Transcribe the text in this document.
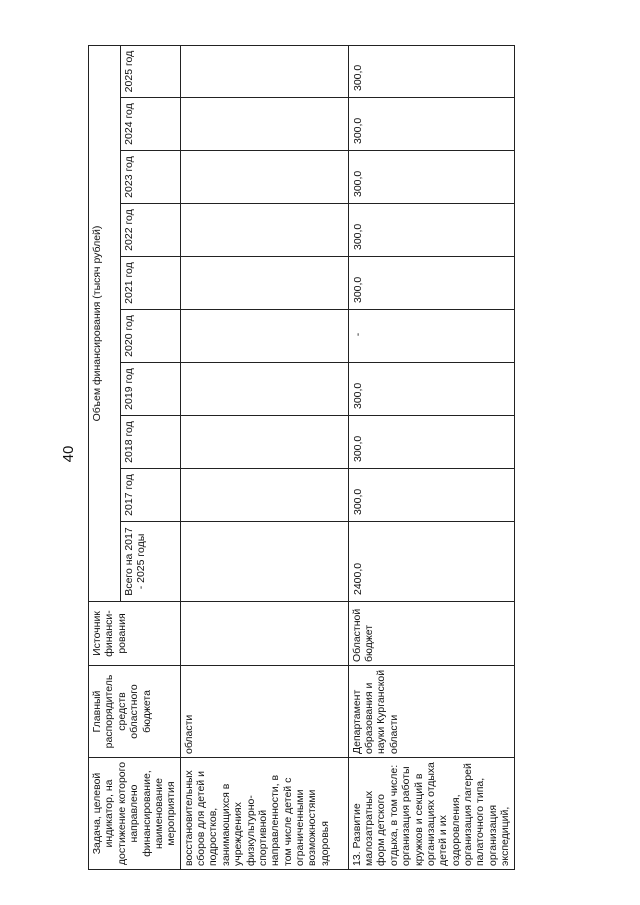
40
Задача, целевой индикатор, на достижение которого направлено финансирование, наименование мероприятия	Главный распорядитель средств областного бюджета	Источник финанси-рования	Объем финансирования (тысяч рублей)									
			Всего на 2017 - 2025 годы	2017 год	2018 год	2019 год	2020 год	2021 год	2022 год	2023 год	2024 год	2025 год
восстановительных сборов для детей и подростков, занимающихся в учреждениях физкультурно-спортивной направленности, в том числе детей с ограниченными возможностями здоровья	области											
13. Развитие малозатратных форм детского отдыха, в том числе: организация работы кружков и секций в организациях отдыха детей и их оздоровления, организация лагерей палаточного типа, организация экспедиций,	Департамент образования и науки Курганской области	Областной бюджет	2400,0	300,0	300,0	300,0	-	300,0	300,0	300,0	300,0	300,0
